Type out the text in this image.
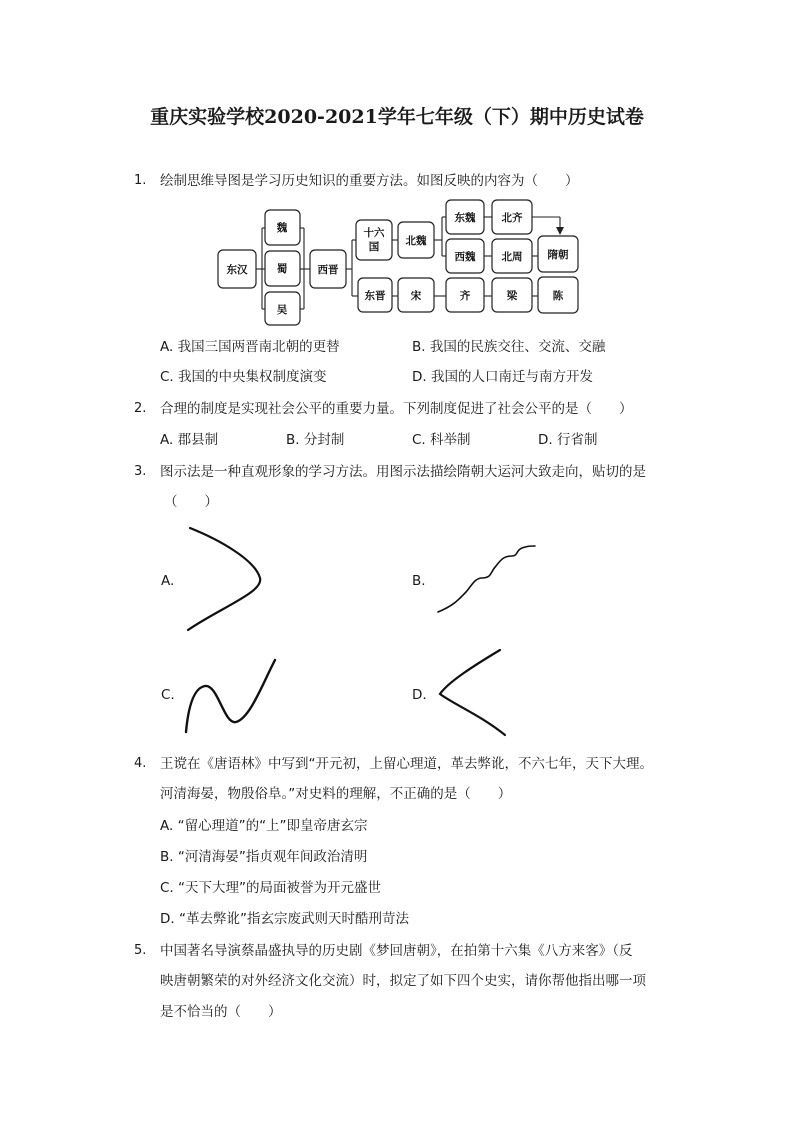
重庆实验学校2020-2021学年七年级（下）期中历史试卷
1. 绘制思维导图是学习历史知识的重要方法。如图反映的内容为（　　）
东汉
魏
蜀
吴
西晋
十六
国	北魏
东魏 北齐
西魏 北周 隋朝
东晋 宋	齐	梁	陈
A. 我国三国两晋南北朝的更替	B. 我国的民族交往、交流、交融
C. 我国的中央集权制度演变	D. 我国的人口南迁与南方开发
2. 合理的制度是实现社会公平的重要力量。下列制度促进了社会公平的是（　　）
A. 郡县制	B. 分封制	C. 科举制	D. 行省制
3. 图示法是一种直观形象的学习方法。用图示法描绘隋朝大运河大致走向，贴切的是
（　　）
A.	B.
C.	D.
4. 王谠在《唐语林》中写到“开元初，上留心理道，革去弊讹，不六七年，天下大理。
河清海晏，物殷俗阜。”对史料的理解，不正确的是（　　）
A. “留心理道”的“上”即皇帝唐玄宗
B. “河清海晏”指贞观年间政治清明
C. “天下大理”的局面被誉为开元盛世
D. “革去弊讹”指玄宗废武则天时酷刑苛法
5. 中国著名导演蔡晶盛执导的历史剧《梦回唐朝》，在拍第十六集《八方来客》（反
映唐朝繁荣的对外经济文化交流）时，拟定了如下四个史实，请你帮他指出哪一项
是不恰当的（　　）
